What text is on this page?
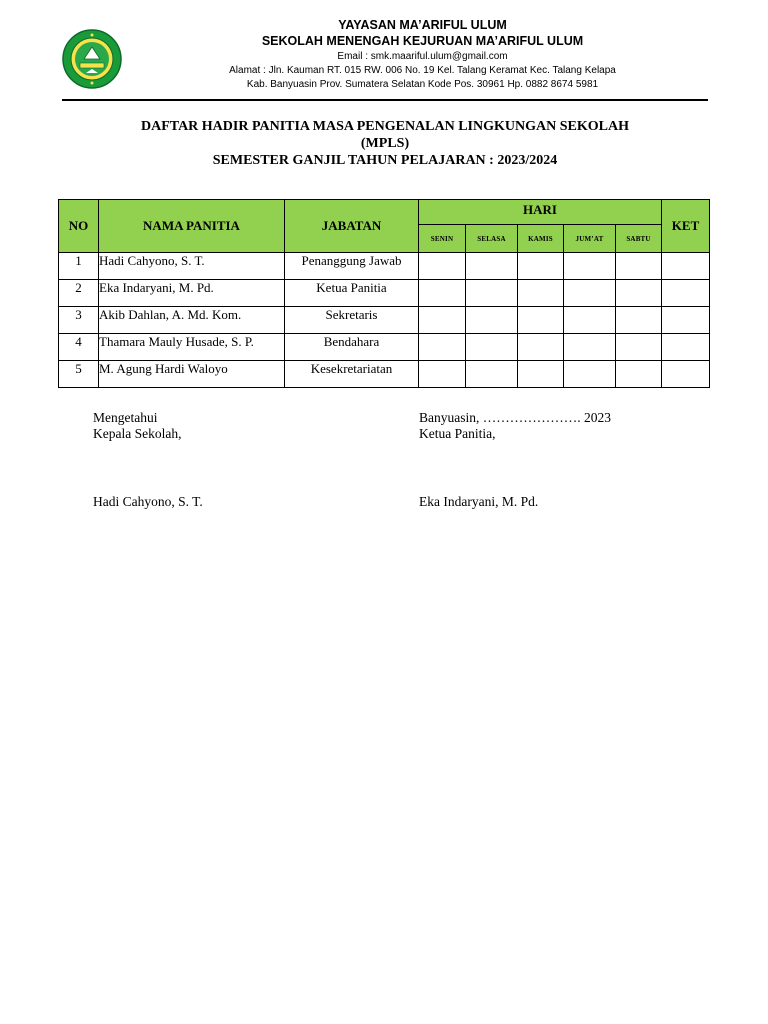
YAYASAN MA’ARIFUL ULUM
SEKOLAH MENENGAH KEJURUAN MA’ARIFUL ULUM
Email : smk.maariful.ulum@gmail.com
Alamat : Jln. Kauman RT. 015 RW. 006 No. 19 Kel. Talang Keramat Kec. Talang Kelapa
Kab. Banyuasin Prov. Sumatera Selatan Kode Pos. 30961 Hp. 0882 8674 5981
DAFTAR HADIR PANITIA MASA PENGENALAN LINGKUNGAN SEKOLAH
(MPLS)
SEMESTER GANJIL TAHUN PELAJARAN : 2023/2024
NO	NAMA PANITIA	JABATAN	HARI					KET
			SENIN	SELASA	KAMIS	JUM’AT	SABTU	
1	Hadi Cahyono, S. T.	Penanggung Jawab						
2	Eka Indaryani, M. Pd.	Ketua Panitia						
3	Akib Dahlan, A. Md. Kom.	Sekretaris						
4	Thamara Mauly Husade, S. P.	Bendahara						
5	M. Agung Hardi Waloyo	Kesekretariatan						
Mengetahui
Kepala Sekolah,
Hadi Cahyono, S. T.
Banyuasin, …………………. 2023
Ketua Panitia,
Eka Indaryani, M. Pd.
